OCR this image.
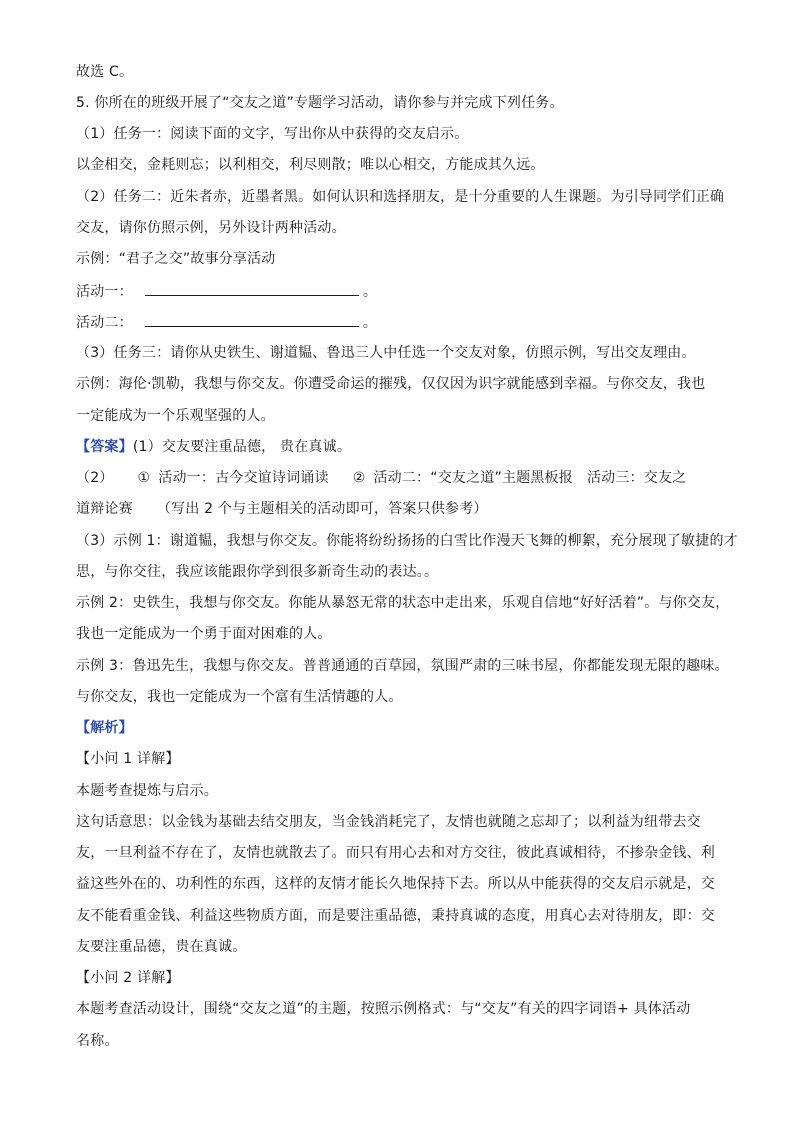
故选 C。
5. 你所在的班级开展了“交友之道”专题学习活动，请你参与并完成下列任务。
（1）任务一：阅读下面的文字，写出你从中获得的交友启示。
以金相交，金耗则忘；以利相交，利尽则散；唯以心相交，方能成其久远。
（2）任务二：近朱者赤，近墨者黑。如何认识和选择朋友，是十分重要的人生课题。为引导同学们正确
交友，请你仿照示例，另外设计两种活动。
示例：“君子之交”故事分享活动
活动一：	。
活动二：	。
（3）任务三：请你从史铁生、谢道韫、鲁迅三人中任选一个交友对象，仿照示例，写出交友理由。
示例：海伦·凯勒，我想与你交友。你遭受命运的摧残，仅仅因为识字就能感到幸福。与你交友，我也
一定能成为一个乐观坚强的人。
【答案】(1）交友要注重品德， 贵在真诚。
（2） ① 活动一：古今交谊诗词诵读 ② 活动二：“交友之道”主题黑板报 活动三：交友之
道辩论赛 （写出 2 个与主题相关的活动即可，答案只供参考）
（3）示例 1：谢道韫，我想与你交友。你能将纷纷扬扬的白雪比作漫天飞舞的柳絮，充分展现了敏捷的才
思，与你交往，我应该能跟你学到很多新奇生动的表达。。
示例 2：史铁生，我想与你交友。你能从暴怒无常的状态中走出来，乐观自信地“好好活着”。与你交友，
我也一定能成为一个勇于面对困难的人。
示例 3：鲁迅先生，我想与你交友。普普通通的百草园，氛围严肃的三味书屋，你都能发现无限的趣味。
与你交友，我也一定能成为一个富有生活情趣的人。
【解析】
【小问 1 详解】
本题考查提炼与启示。
这句话意思：以金钱为基础去结交朋友，当金钱消耗完了，友情也就随之忘却了；以利益为纽带去交
友，一旦利益不存在了，友情也就散去了。而只有用心去和对方交往，彼此真诚相待，不掺杂金钱、利
益这些外在的、功利性的东西，这样的友情才能长久地保持下去。所以从中能获得的交友启示就是，交
友不能看重金钱、利益这些物质方面，而是要注重品德，秉持真诚的态度，用真心去对待朋友，即：交
友要注重品德，贵在真诚。
【小问 2 详解】
本题考查活动设计，围绕“交友之道”的主题，按照示例格式：与“交友”有关的四字词语+ 具体活动
名称。
